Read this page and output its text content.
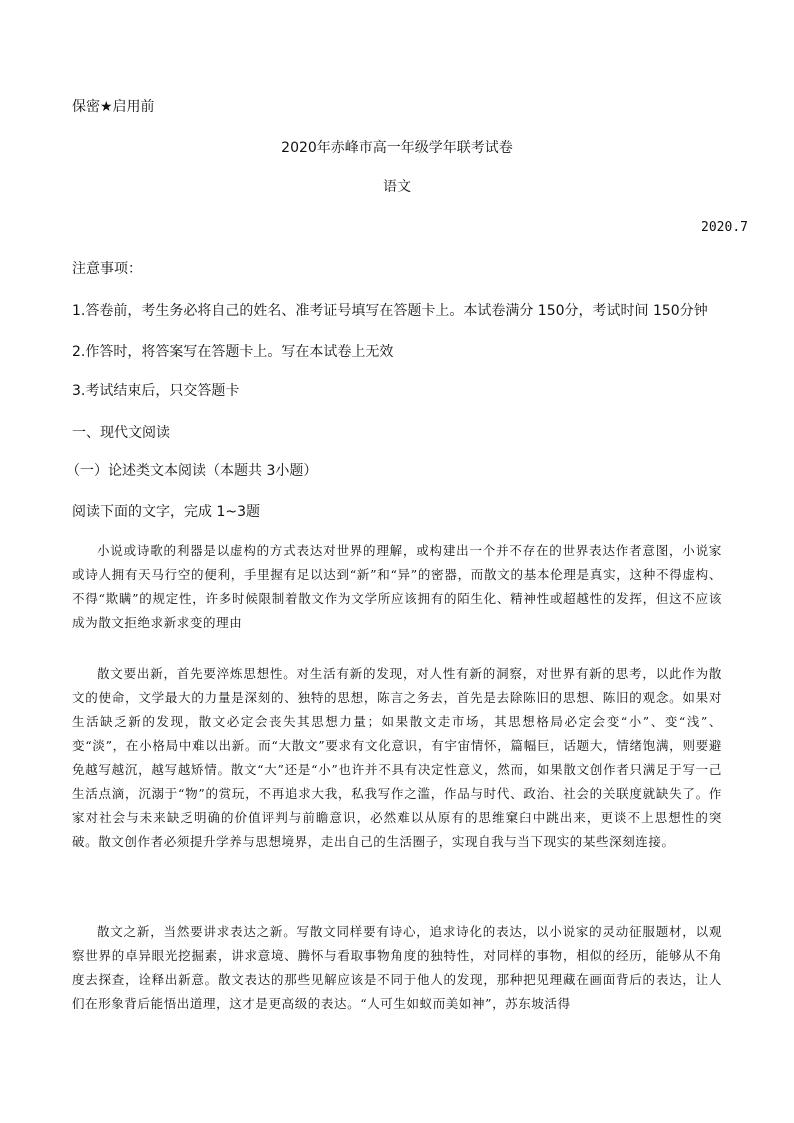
保密★启用前
2020年赤峰市高一年级学年联考试卷
语文
2020.7
注意事项：
1.答卷前，考生务必将自己的姓名、准考证号填写在答题卡上。本试卷满分 150分，考试时间 150分钟
2.作答时，将答案写在答题卡上。写在本试卷上无效
3.考试结束后，只交答题卡
一、现代文阅读
（一）论述类文本阅读（本题共 3小题）
阅读下面的文字，完成 1~3题
小说或诗歌的利器是以虚构的方式表达对世界的理解，或构建出一个并不存在的世界表达作者意图，小说家或诗人拥有天马行空的便利，手里握有足以达到“新”和“异”的密器，而散文的基本伦理是真实，这种不得虚构、不得“欺瞒”的规定性，许多时候限制着散文作为文学所应该拥有的陌生化、精神性或超越性的发挥，但这不应该成为散文拒绝求新求变的理由
散文要出新，首先要淬炼思想性。对生活有新的发现，对人性有新的洞察，对世界有新的思考，以此作为散文的使命，文学最大的力量是深刻的、独特的思想，陈言之务去，首先是去除陈旧的思想、陈旧的观念。如果对生活缺乏新的发现，散文必定会丧失其思想力量；如果散文走市场，其思想格局必定会变“小”、变“浅”、变“淡”，在小格局中难以出新。而“大散文”要求有文化意识，有宇宙情怀，篇幅巨，话题大，情绪饱满，则要避免越写越沉，越写越矫情。散文“大”还是“小”也许并不具有决定性意义，然而，如果散文创作者只满足于写一己生活点滴，沉溺于“物”的赏玩，不再追求大我，私我写作之滥，作品与时代、政治、社会的关联度就缺失了。作家对社会与未来缺乏明确的价值评判与前瞻意识，必然难以从原有的思维窠臼中跳出来，更谈不上思想性的突破。散文创作者必须提升学养与思想境界，走出自己的生活圈子，实现自我与当下现实的某些深刻连接。
散文之新，当然要讲求表达之新。写散文同样要有诗心，追求诗化的表达，以小说家的灵动征服题材，以观察世界的卓异眼光挖掘素，讲求意境、腾怀与看取事物角度的独特性，对同样的事物，相似的经历，能够从不角度去探查，诠释出新意。散文表达的那些见解应该是不同于他人的发现，那种把见理藏在画面背后的表达，让人们在形象背后能悟出道理，这才是更高级的表达。“人可生如蚁而美如神”，苏东坡活得
